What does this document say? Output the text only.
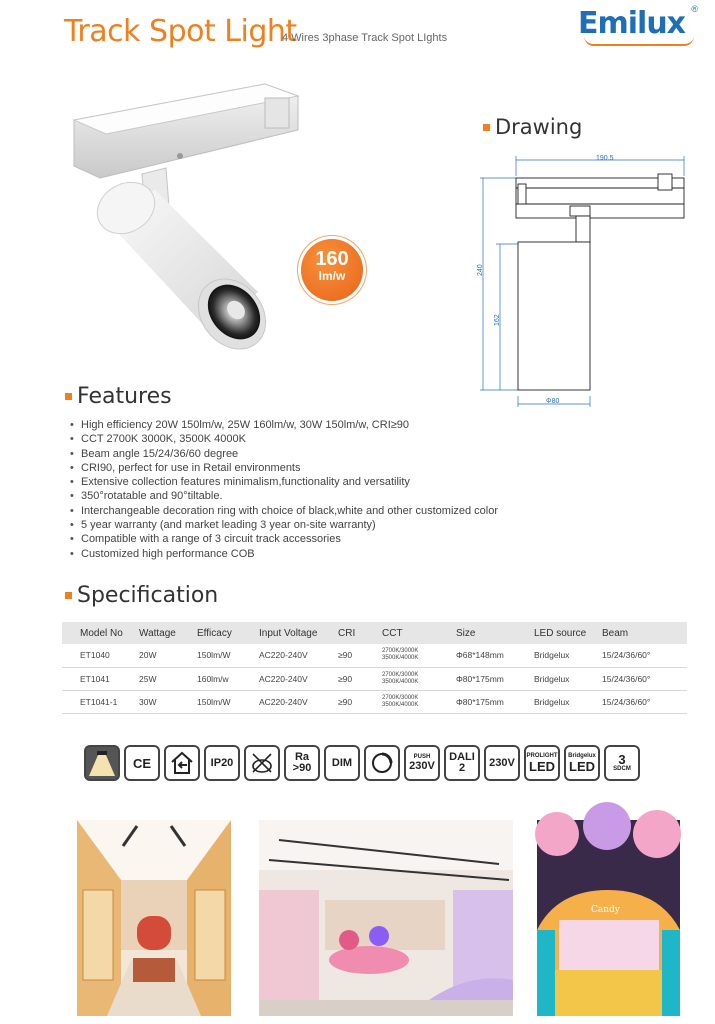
Track Spot Light
4 Wires 3phase Track Spot LIghts	Emilux ®
160
lm/w
Drawing
190.5
240
162
Φ80
Features
• High efficiency 20W 150lm/w, 25W 160lm/w, 30W 150lm/w, CRI≥90
• CCT 2700K 3000K, 3500K 4000K
• Beam angle 15/24/36/60 degree
• CRI90, perfect for use in Retail environments
• Extensive collection features minimalism,functionality and versatility
• 350°rotatable and 90°tiltable.
• Interchangeable decoration ring with choice of black,white and other customized color
• 5 year warranty (and market leading 3 year on-site warranty)
• Compatible with a range of 3 circuit track accessories
• Customized high performance COB
Specification
Model No	Wattage	Efficacy	Input Voltage	CRI	CCT	Size	LED source	Beam
ET1040	20W	150lm/W	AC220-240V	≥90	2700K/3000K
3500K/4000K	Φ68*148mm	Bridgelux	15/24/36/60°
ET1041	25W	160lm/w	AC220-240V	≥90	2700K/3000K
3500K/4000K	Φ80*175mm	Bridgelux	15/24/36/60°
ET1041-1	30W	150lm/W	AC220-240V	≥90	2700K/3000K
3500K/4000K	Φ80*175mm	Bridgelux	15/24/36/60°
CE	IP20	Ra
>90 DIM	PUSH
230V
DALI
2 230V
PROLIGHT
LED
Bridgelux
LED 3
SDCM
Candy
